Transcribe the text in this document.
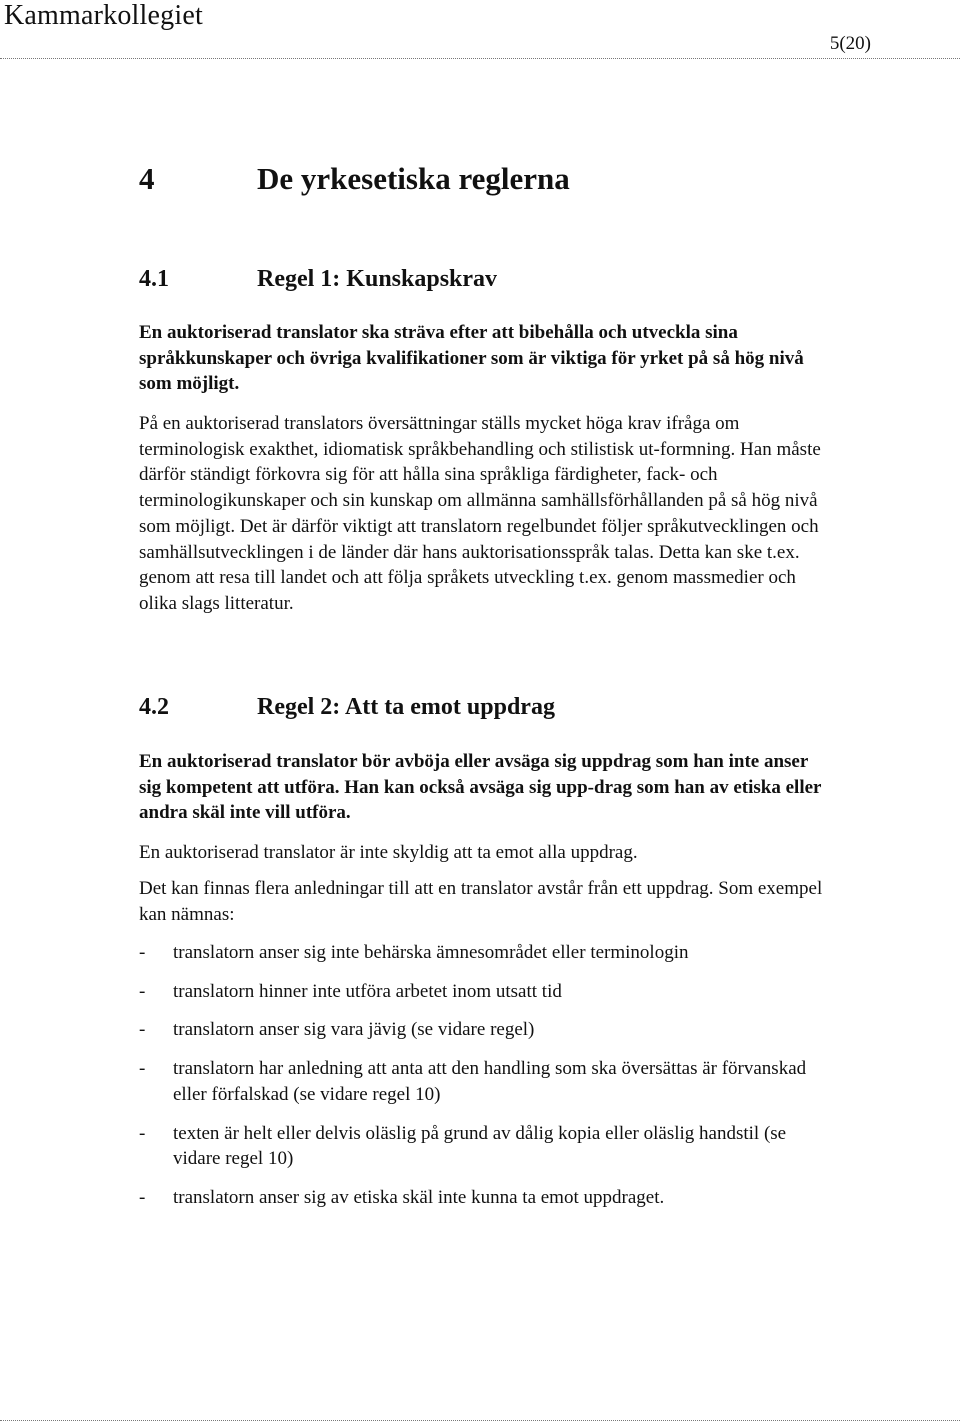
Kammarkollegiet
5(20)
4	De yrkesetiska reglerna
4.1	Regel 1: Kunskapskrav
En auktoriserad translator ska sträva efter att bibehålla och utveckla sina språkkunskaper och övriga kvalifikationer som är viktiga för yrket på så hög nivå som möjligt.
På en auktoriserad translators översättningar ställs mycket höga krav ifråga om terminologisk exakthet, idiomatisk språkbehandling och stilistisk ut-formning. Han måste därför ständigt förkovra sig för att hålla sina språkliga färdigheter, fack- och terminologikunskaper och sin kunskap om allmänna samhällsförhållanden på så hög nivå som möjligt. Det är därför viktigt att translatorn regelbundet följer språkutvecklingen och samhällsutvecklingen i de länder där hans auktorisationsspråk talas. Detta kan ske t.ex. genom att resa till landet och att följa språkets utveckling t.ex. genom massmedier och olika slags litteratur.
4.2	Regel 2: Att ta emot uppdrag
En auktoriserad translator bör avböja eller avsäga sig uppdrag som han inte anser sig kompetent att utföra. Han kan också avsäga sig upp-drag som han av etiska eller andra skäl inte vill utföra.
En auktoriserad translator är inte skyldig att ta emot alla uppdrag.
Det kan finnas flera anledningar till att en translator avstår från ett uppdrag. Som exempel kan nämnas:
- translatorn anser sig inte behärska ämnesområdet eller terminologin
- translatorn hinner inte utföra arbetet inom utsatt tid
- translatorn anser sig vara jävig (se vidare regel)
- translatorn har anledning att anta att den handling som ska översättas är förvanskad eller förfalskad (se vidare regel 10)
- texten är helt eller delvis oläslig på grund av dålig kopia eller oläslig handstil (se vidare regel 10)
- translatorn anser sig av etiska skäl inte kunna ta emot uppdraget.
